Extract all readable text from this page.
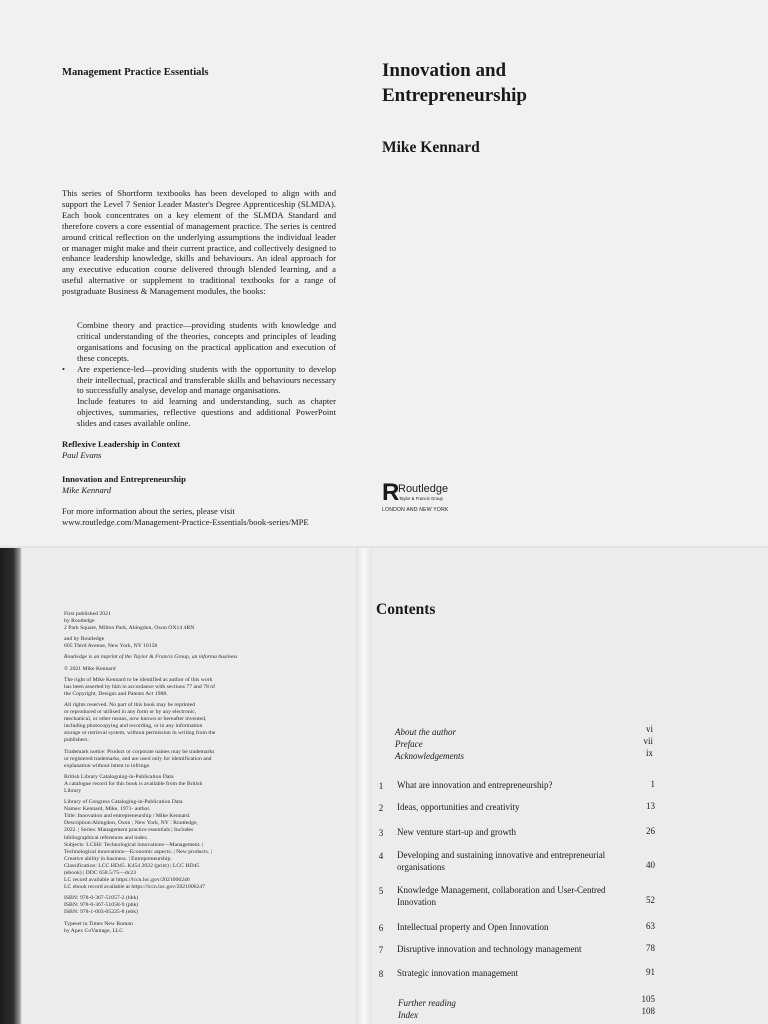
Management Practice Essentials	Innovation and
Entrepreneurship
Mike Kennard
This series of Shortform textbooks has been developed to align with and support the Level 7 Senior Leader Master's Degree Apprenticeship (SLMDA). Each book concentrates on a key element of the SLMDA Standard and therefore covers a core essential of management practice. The series is centred around critical reflection on the underlying assumptions the individual leader or manager might make and their current practice, and collectively designed to enhance leadership knowledge, skills and behaviours. An ideal approach for any executive education course delivered through blended learning, and a useful alternative or supplement to traditional textbooks for a range of postgraduate Business & Management modules, the books:
Combine theory and practice—providing students with knowledge and critical understanding of the theories, concepts and principles of leading organisations and focusing on the practical application and execution of these concepts.
• Are experience-led—providing students with the opportunity to develop their intellectual, practical and transferable skills and behaviours necessary to successfully analyse, develop and manage organisations.
Include features to aid learning and understanding, such as chapter objectives, summaries, reflective questions and additional PowerPoint slides and cases available online.
Reflexive Leadership in Context
Paul Evans
Innovation and Entrepreneurship
Mike Kennard
For more information about the series, please visit www.routledge.com/Management-Practice-Essentials/book-series/MPE
R
Routledge
Taylor & Francis Group
LONDON AND NEW YORK

First published 2021
by Routledge
2 Park Square, Milton Park, Abingdon, Oxon OX14 4RN

and by Routledge
605 Third Avenue, New York, NY 10158

Routledge is an imprint of the Taylor & Francis Group, an informa business

© 2021 Mike Kennard

The right of Mike Kennard to be identified as author of this work
has been asserted by him in accordance with sections 77 and 78 of
the Copyright, Designs and Patents Act 1988.

All rights reserved. No part of this book may be reprinted
or reproduced or utilised in any form or by any electronic,
mechanical, or other means, now known or hereafter invented,
including photocopying and recording, or in any information
storage or retrieval system, without permission in writing from the
publishers.

Trademark notice: Product or corporate names may be trademarks
or registered trademarks, and are used only for identification and
explanation without intent to infringe.

British Library Cataloguing-in-Publication Data
A catalogue record for this book is available from the British
Library

Library of Congress Cataloging-in-Publication Data
Names: Kennard, Mike, 1971- author.
Title: Innovation and entrepreneurship / Mike Kennard.
Description:Abingdon, Oxon ; New York, NY : Routledge,
2022. | Series: Management practice essentials | Includes
bibliographical references and index.
Subjects: LCSH: Technological innovations—Management. |
Technological innovations—Economic aspects. | New products. |
Creative ability in business. | Entrepreneurship.
Classification: LCC HD45 .K454 2022 (print) | LCC HD45
(ebook) | DDC 658.5/75—dc23
LC record available at https://lccn.loc.gov/2021006246
LC ebook record available at https://lccn.loc.gov/2021006247

ISBN: 978-0-367-51057-2 (hbk)
ISBN: 978-0-367-51058-9 (pbk)
ISBN: 978-1-003-05225-8 (ebk)

Typeset in Times New Roman
by Apex CoVantage, LLC

Contents
About the author	vi
Preface	vii
Acknowledgements	ix
1	What are innovation and entrepreneurship?	1
2	Ideas, opportunities and creativity	13
3	New venture start-up and growth	26
4	Developing and sustaining innovative and entrepreneurial organisations	40
5	Knowledge Management, collaboration and User-Centred Innovation	52
6	Intellectual property and Open Innovation	63
7	Disruptive innovation and technology management	78
8	Strategic innovation management	91
Further reading	105
Index	108
